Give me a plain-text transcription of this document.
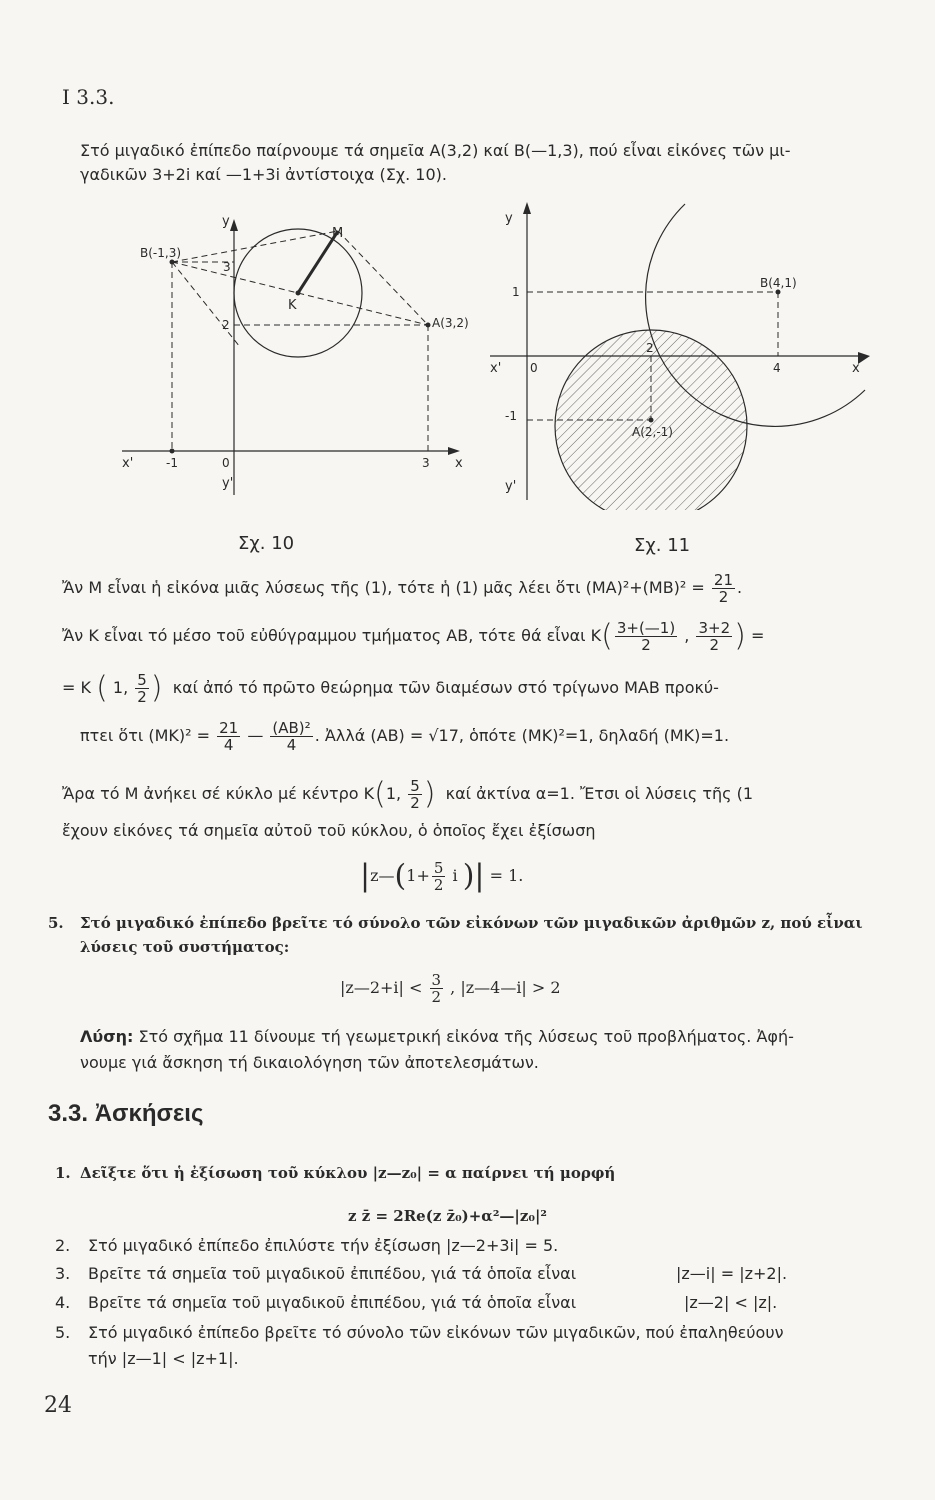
I 3.3.
Στό μιγαδικό ἐπίπεδο παίρνουμε τά σημεῖα Α(3,2) καί Β(—1,3), πού εἶναι εἰκόνες τῶν μι-
γαδικῶν 3+2i καί —1+3i ἀντίστοιχα (Σχ. 10).
B(-1,3)
A(3,2)
M
K
y
y'
x
x'	0
-1	3
2
3
Σχ. 10
B(4,1)
A(2,-1)
y
y'
x
x' 0
1
-1
2
4
Σχ. 11
Ἄν Μ εἶναι ἡ εἰκόνα μιᾶς λύσεως τῆς (1), τότε ἡ (1) μᾶς λέει ὅτι $(MA)^2+(MB)^2 = \frac{21}{2}$ .
Ἄν Κ εἶναι τό μέσο τοῦ εὐθύγραμμου τμήματος ΑΒ, τότε θά εἶναι $K( \frac{3+(—1)}{2}$ , $\frac{3+2}{2}$ ) =
= Κ ( 1, $\frac{5}{2}$ ) καί ἀπό τό πρῶτο θεώρημα τῶν διαμέσων στό τρίγωνο ΜΑΒ προκύ-
πτει ὅτι $(MK)^2 = \frac{21}{4}$ — $\frac{\text{(ΑΒ)²}}{4}$ . Ἀλλά (ΑΒ) = √17, ὁπότε (ΜΚ)²=1, δηλαδή (ΜΚ)=1.
Ἄρα τό Μ ἀνήκει σέ κύκλο μέ κέντρο Κ(1, $\frac{5}{2}$ ) καί ἀκτίνα α=1. Ἔτσι οἱ λύσεις τῆς (1
ἔχουν εἰκόνες τά σημεῖα αὐτοῦ τοῦ κύκλου, ὁ ὁποῖος ἔχει ἐξίσωση
|z—(1+ $\frac{5}{2}$ i )| = 1.
5. Στό μιγαδικό ἐπίπεδο βρεῖτε τό σύνολο τῶν εἰκόνων τῶν μιγαδικῶν ἀριθμῶν z, πού εἶναι
λύσεις τοῦ συστήματος:
|z—2+i| < $\frac{3}{2}$ , |z—4—i| > 2
Λύση: Στό σχῆμα 11 δίνουμε τή γεωμετρική εἰκόνα τῆς λύσεως τοῦ προβλήματος. Ἀφή-
νουμε γιά ἄσκηση τή δικαιολόγηση τῶν ἀποτελεσμάτων.
3.3. Ἀσκήσεις
1. Δεῖξτε ὅτι ἡ ἐξίσωση τοῦ κύκλου |z—z₀| = α παίρνει τή μορφή
z z̄ = 2Re(z z̄₀)+α²—|z₀|²
2. Στό μιγαδικό ἐπίπεδο ἐπιλύστε τήν ἐξίσωση |z—2+3i| = 5.
3. Βρεῖτε τά σημεῖα τοῦ μιγαδικοῦ ἐπιπέδου, γιά τά ὁποῖα εἶναι	|z—i| = |z+2|.
4. Βρεῖτε τά σημεῖα τοῦ μιγαδικοῦ ἐπιπέδου, γιά τά ὁποῖα εἶναι	|z—2| < |z|.
5. Στό μιγαδικό ἐπίπεδο βρεῖτε τό σύνολο τῶν εἰκόνων τῶν μιγαδικῶν, πού ἐπαληθεύουν
τήν |z—1| < |z+1|.
24
